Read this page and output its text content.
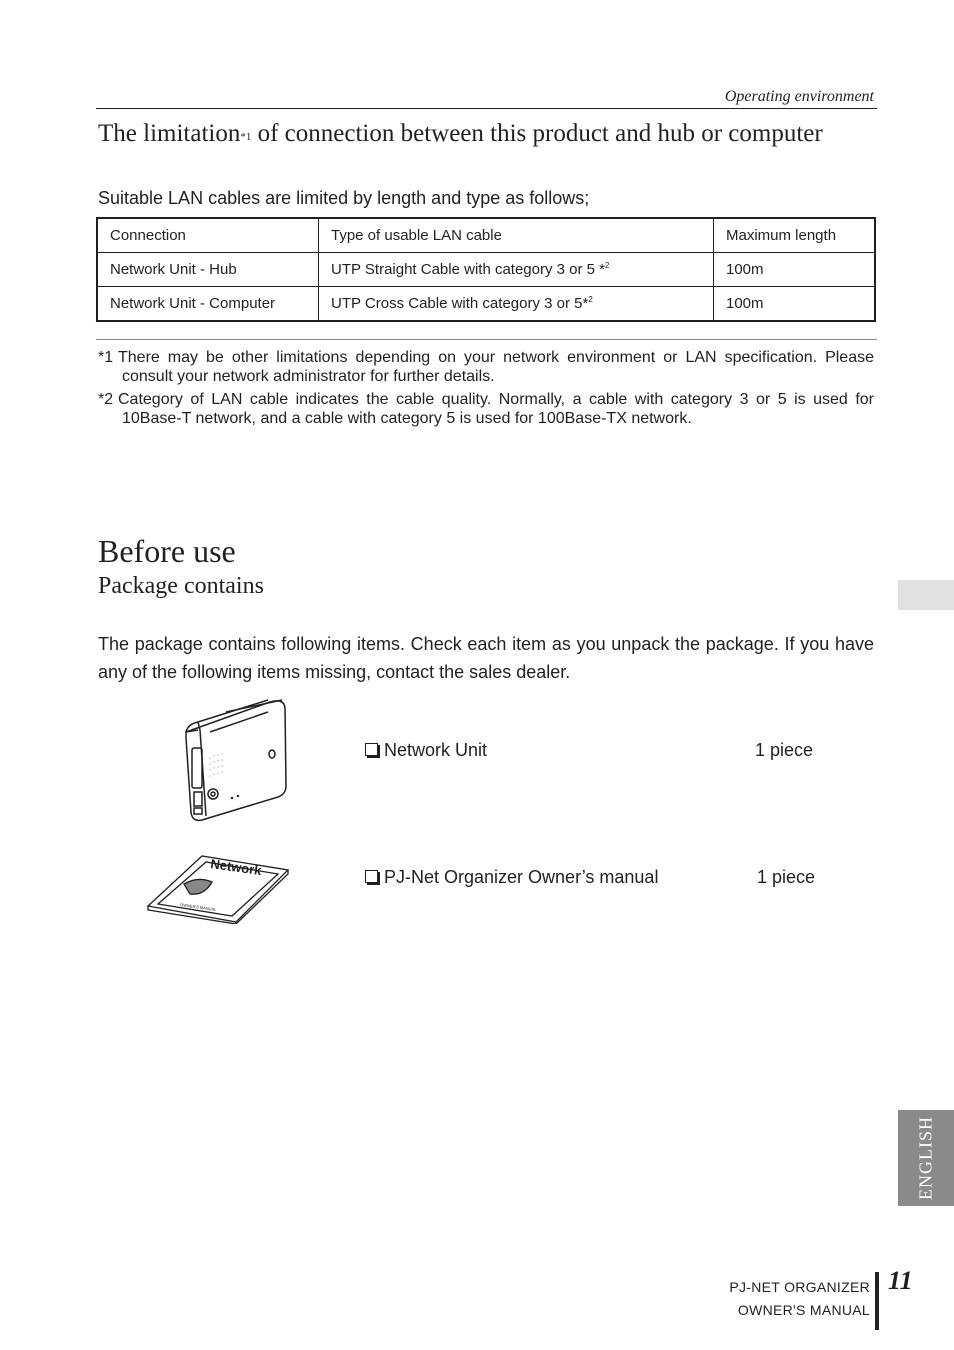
Operating environment
The limitation$^{*1}$ of connection between this product and hub or computer
Suitable LAN cables are limited by length and type as follows;
Connection	Type of usable LAN cable	Maximum length
Network Unit - Hub	UTP Straight Cable with category 3 or 5 *$^2$	100m
Network Unit - Computer	UTP Cross Cable with category 3 or 5*$^2$	100m
*1 There may be other limitations depending on your network environment or LAN specification. Please consult your network administrator for further details.
*2 Category of LAN cable indicates the cable quality. Normally, a cable with category 3 or 5 is used for 10Base-T network, and a cable with category 5 is used for 100Base-TX network.
Before use
Package contains
The package contains following items. Check each item as you unpack the package. If you have any of the following items missing, contact the sales dealer.
Network Unit	1 piece
Network
OWNER'S MANUAL
PJ-Net Organizer Owner’s manual	1 piece
ENGLISH
PJ-NET ORGANIZER
OWNER'S MANUAL
11
